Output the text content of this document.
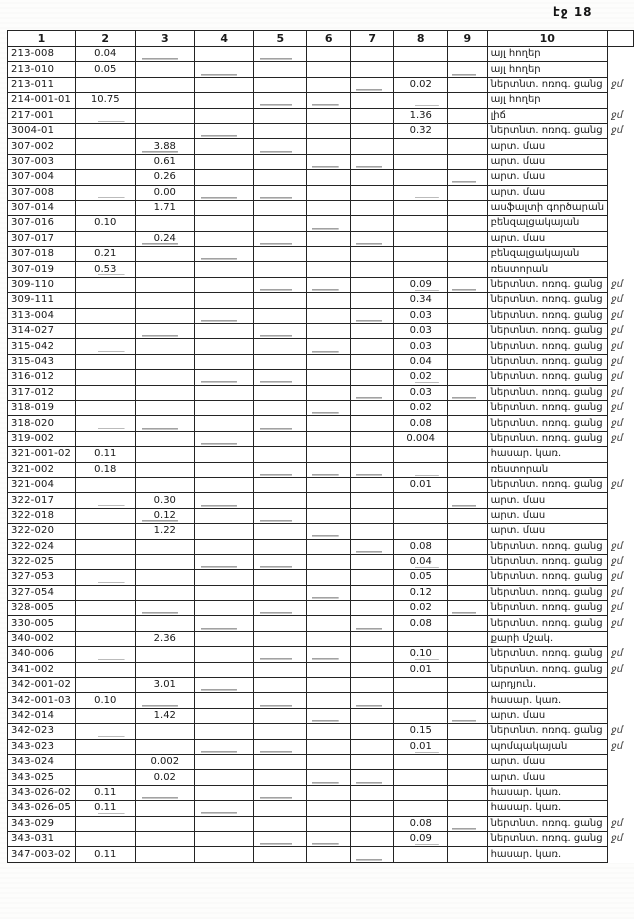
էջ 18
1	2	3	4	5	6	7	8	9	10	
213-008	0.04								այլ հողեր	
213-010	0.05								այլ հողեր	
213-011							0.02		ներտնտ. ոռոգ. ցանց	ջմ
214-001-01	10.75								այլ հողեր	
217-001							1.36		լիճ	ջմ
3004-01							0.32		ներտնտ. ոռոգ. ցանց	ջմ
307-002		3.88							արտ. մաս	
307-003		0.61							արտ. մաս	
307-004		0.26							արտ. մաս	
307-008		0.00							արտ. մաս	
307-014		1.71							ասֆալտի գործարան	
307-016	0.10								բենզալցակայան	
307-017		0.24							արտ. մաս	
307-018	0.21								բենզալցակայան	
307-019	0.53								ռեստորան	
309-110							0.09		ներտնտ. ոռոգ. ցանց	ջմ
309-111							0.34		ներտնտ. ոռոգ. ցանց	ջմ
313-004							0.03		ներտնտ. ոռոգ. ցանց	ջմ
314-027							0.03		ներտնտ. ոռոգ. ցանց	ջմ
315-042							0.03		ներտնտ. ոռոգ. ցանց	ջմ
315-043							0.04		ներտնտ. ոռոգ. ցանց	ջմ
316-012							0.02		ներտնտ. ոռոգ. ցանց	ջմ
317-012							0.03		ներտնտ. ոռոգ. ցանց	ջմ
318-019							0.02		ներտնտ. ոռոգ. ցանց	ջմ
318-020							0.08		ներտնտ. ոռոգ. ցանց	ջմ
319-002							0.004		ներտնտ. ոռոգ. ցանց	ջմ
321-001-02	0.11								հասար. կառ.	
321-002	0.18								ռեստորան	
321-004							0.01		ներտնտ. ոռոգ. ցանց	ջմ
322-017		0.30							արտ. մաս	
322-018		0.12							արտ. մաս	
322-020		1.22							արտ. մաս	
322-024							0.08		ներտնտ. ոռոգ. ցանց	ջմ
322-025							0.04		ներտնտ. ոռոգ. ցանց	ջմ
327-053							0.05		ներտնտ. ոռոգ. ցանց	ջմ
327-054							0.12		ներտնտ. ոռոգ. ցանց	ջմ
328-005							0.02		ներտնտ. ոռոգ. ցանց	ջմ
330-005							0.08		ներտնտ. ոռոգ. ցանց	ջմ
340-002		2.36							քարի մշակ.	
340-006							0.10		ներտնտ. ոռոգ. ցանց	ջմ
341-002							0.01		ներտնտ. ոռոգ. ցանց	ջմ
342-001-02		3.01							արդյուն.	
342-001-03	0.10								հասար. կառ.	
342-014		1.42							արտ. մաս	
342-023							0.15		ներտնտ. ոռոգ. ցանց	ջմ
343-023							0.01		պոմպակայան	ջմ
343-024		0.002							արտ. մաս	
343-025		0.02							արտ. մաս	
343-026-02	0.11								հասար. կառ.	
343-026-05	0.11								հասար. կառ.	
343-029							0.08		ներտնտ. ոռոգ. ցանց	ջմ
343-031							0.09		ներտնտ. ոռոգ. ցանց	ջմ
347-003-02	0.11								հասար. կառ.	
